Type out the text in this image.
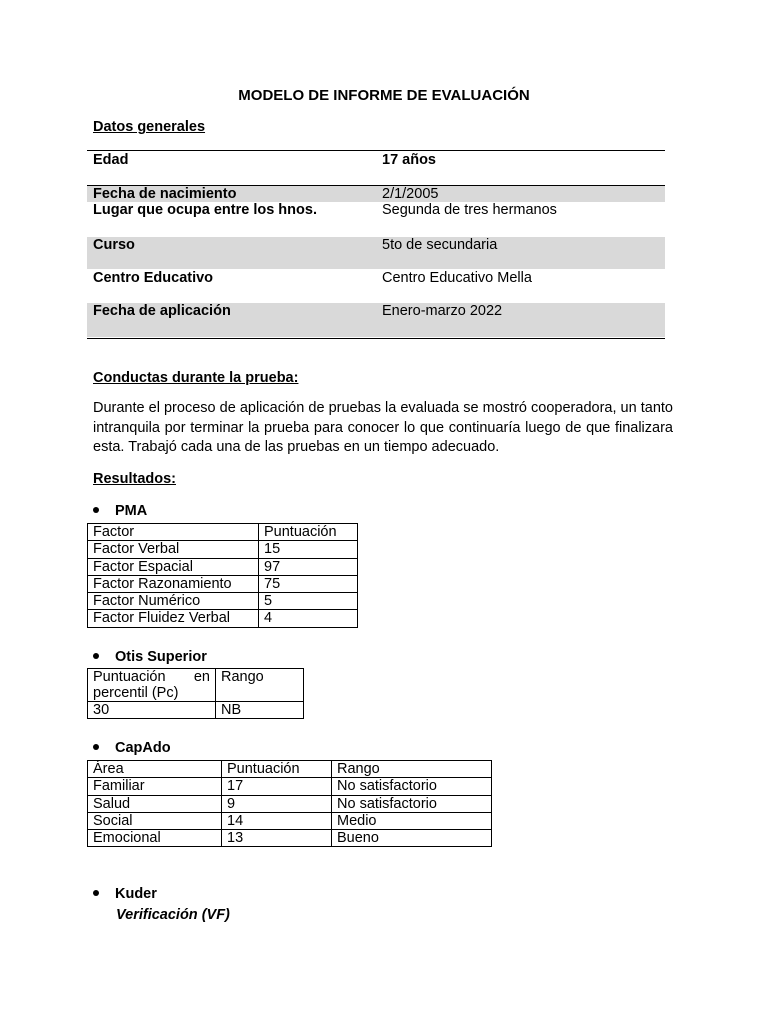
MODELO DE INFORME DE EVALUACIÓN
Datos generales
Edad	17 años
Fecha de nacimiento	2/1/2005
Lugar que ocupa entre los hnos.	Segunda de tres hermanos
Curso	5to de secundaria
Centro Educativo	Centro Educativo Mella
Fecha de aplicación	Enero-marzo 2022
Conductas durante la prueba:
Durante el proceso de aplicación de pruebas la evaluada se mostró cooperadora, un tanto intranquila por terminar la prueba para conocer lo que continuaría luego de que finalizara esta. Trabajó cada una de las pruebas en un tiempo adecuado.
Resultados:
PMA
Factor	Puntuación
Factor Verbal	15
Factor Espacial	97
Factor Razonamiento	75
Factor Numérico	5
Factor Fluidez Verbal	4
Otis Superior
Puntuación en percentil (Pc)	Rango
30	NB
CapAdo
Área	Puntuación	Rango
Familiar	17	No satisfactorio
Salud	9	No satisfactorio
Social	14	Medio
Emocional	13	Bueno
Kuder
Verificación (VF)
